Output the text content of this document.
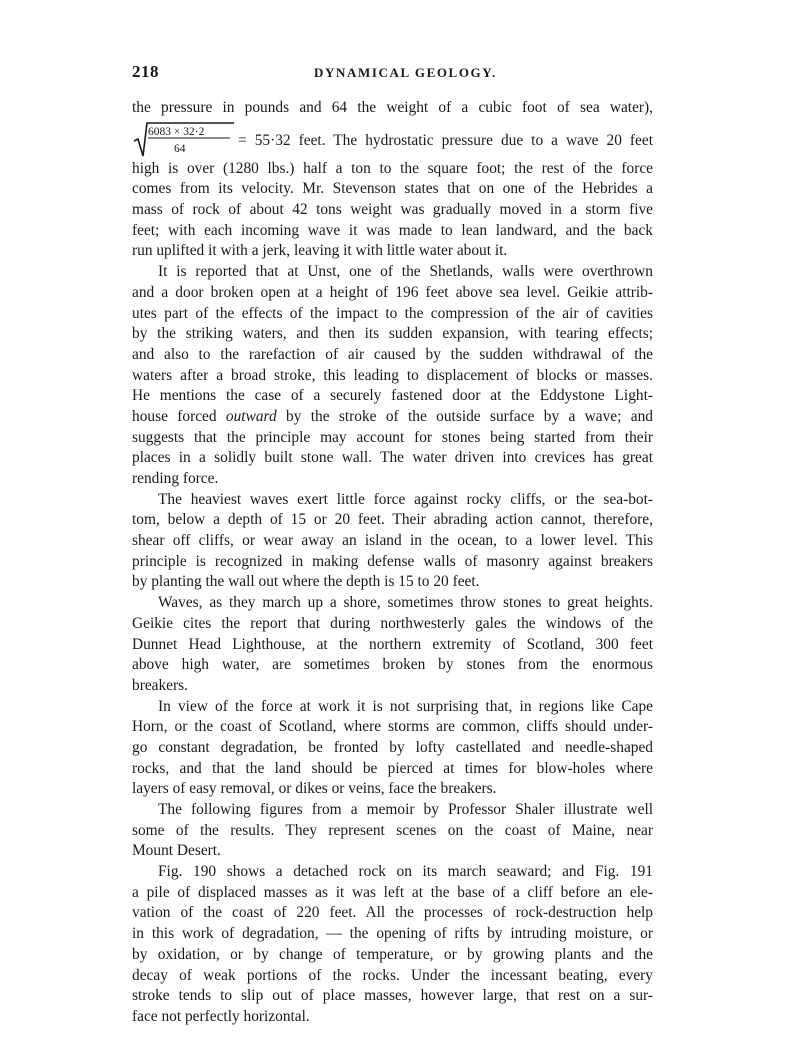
218	DYNAMICAL GEOLOGY.
the pressure in pounds and 64 the weight of a cubic foot of sea water),
6083 × 32·2
64	= 55·32 feet. The hydrostatic pressure due to a wave 20 feet
high is over (1280 lbs.) half a ton to the square foot; the rest of the force
comes from its velocity. Mr. Stevenson states that on one of the Hebrides a
mass of rock of about 42 tons weight was gradually moved in a storm five
feet; with each incoming wave it was made to lean landward, and the back
run uplifted it with a jerk, leaving it with little water about it.
It is reported that at Unst, one of the Shetlands, walls were overthrown
and a door broken open at a height of 196 feet above sea level. Geikie attrib-
utes part of the effects of the impact to the compression of the air of cavities
by the striking waters, and then its sudden expansion, with tearing effects;
and also to the rarefaction of air caused by the sudden withdrawal of the
waters after a broad stroke, this leading to displacement of blocks or masses.
He mentions the case of a securely fastened door at the Eddystone Light-
house forced outward by the stroke of the outside surface by a wave; and
suggests that the principle may account for stones being started from their
places in a solidly built stone wall. The water driven into crevices has great
rending force.
The heaviest waves exert little force against rocky cliffs, or the sea-bot-
tom, below a depth of 15 or 20 feet. Their abrading action cannot, therefore,
shear off cliffs, or wear away an island in the ocean, to a lower level. This
principle is recognized in making defense walls of masonry against breakers
by planting the wall out where the depth is 15 to 20 feet.
Waves, as they march up a shore, sometimes throw stones to great heights.
Geikie cites the report that during northwesterly gales the windows of the
Dunnet Head Lighthouse, at the northern extremity of Scotland, 300 feet
above high water, are sometimes broken by stones from the enormous
breakers.
In view of the force at work it is not surprising that, in regions like Cape
Horn, or the coast of Scotland, where storms are common, cliffs should under-
go constant degradation, be fronted by lofty castellated and needle-shaped
rocks, and that the land should be pierced at times for blow-holes where
layers of easy removal, or dikes or veins, face the breakers.
The following figures from a memoir by Professor Shaler illustrate well
some of the results. They represent scenes on the coast of Maine, near
Mount Desert.
Fig. 190 shows a detached rock on its march seaward; and Fig. 191
a pile of displaced masses as it was left at the base of a cliff before an ele-
vation of the coast of 220 feet. All the processes of rock-destruction help
in this work of degradation, — the opening of rifts by intruding moisture, or
by oxidation, or by change of temperature, or by growing plants and the
decay of weak portions of the rocks. Under the incessant beating, every
stroke tends to slip out of place masses, however large, that rest on a sur-
face not perfectly horizontal.
